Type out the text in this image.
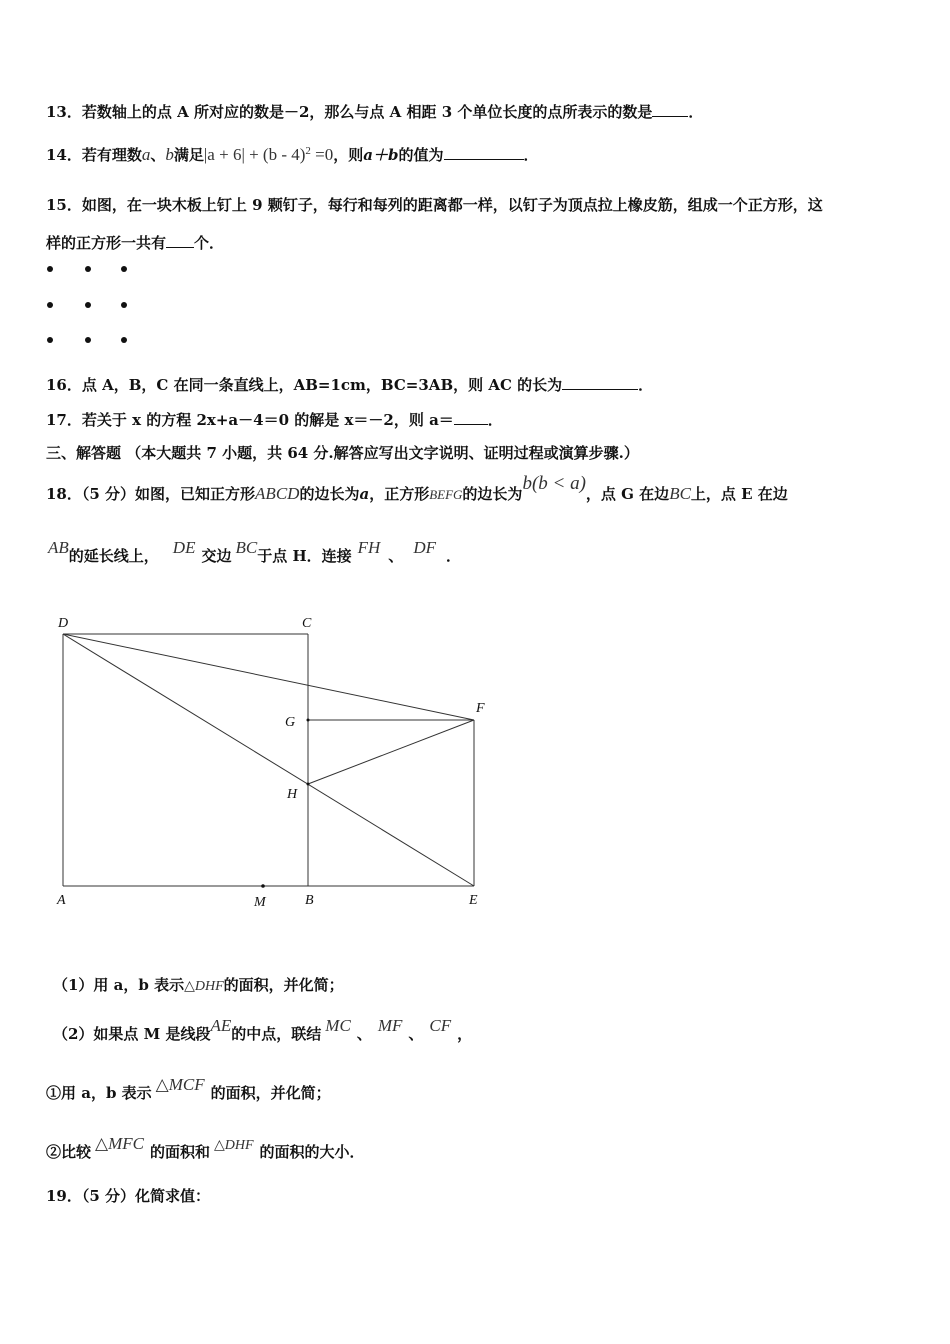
13．若数轴上的点 A 所对应的数是－2，那么与点 A 相距 3 个单位长度的点所表示的数是 ．
14．若有理数a、b满足|a + 6| + (b - 4)$^2$ =0，则a＋b的值为	．
15．如图，在一块木板上钉上 9 颗钉子，每行和每列的距离都一样，以钉子为顶点拉上橡皮筋，组成一个正方形，这
样的正方形一共有 个．
16．点 A，B，C 在同一条直线上，AB=1cm，BC=3AB，则 AC 的长为	．
17．若关于 x 的方程 2x+a－4＝0 的解是 x＝－2，则 a＝ ．
三、解答题 （本大题共 7 小题，共 64 分.解答应写出文字说明、证明过程或演算步骤.）
18．（5 分）如图，已知正方形ABCD的边长为a，正方形BEFG的边长为b(b < a)，点 G 在边BC上，点 E 在边
AB的延长线上， DE 交边 BC于点 H．连接 FH 、 DF ．
D	C
G
F
H
A	M	B	E
（1）用 a，b 表示△DHF的面积，并化简；
（2）如果点 M 是线段AE的中点，联结 MC 、 MF 、 CF ，
①用 a，b 表示 △MCF 的面积，并化简；
②比较 △MFC 的面积和 △DHF 的面积的大小．
19．（5 分）化简求值：
